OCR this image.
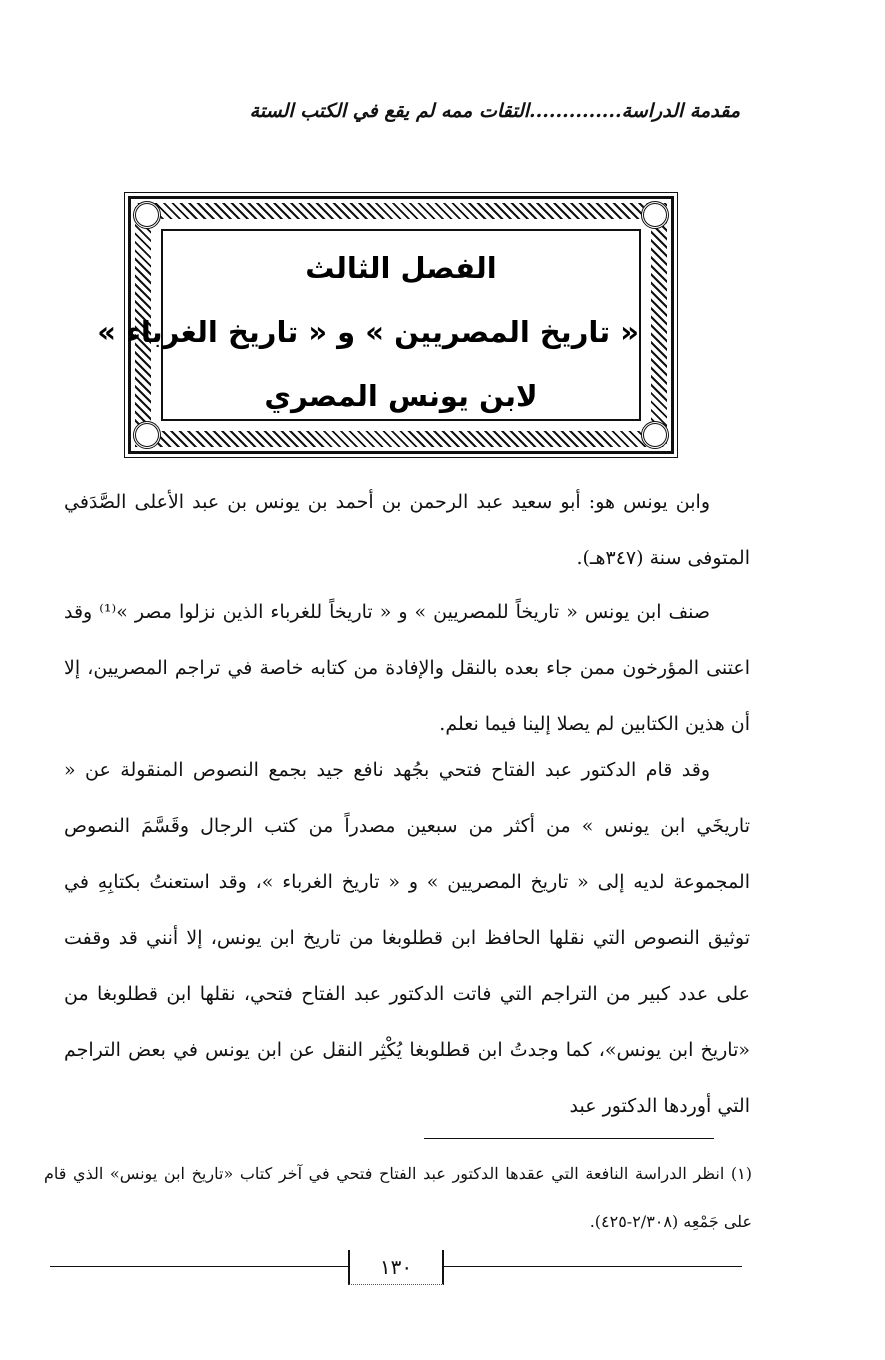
مقدمة الدراسة..............التقات ممه لم يقع في الكتب الستة
الفصل الثالث
« تاريخ المصريين » و « تاريخ الغرباء »
لابن يونس المصري

وابن يونس هو: أبو سعيد عبد الرحمن بن أحمد بن يونس بن عبد الأعلى الصَّدَفي المتوفى سنة (٣٤٧هـ).

صنف ابن يونس « تاريخاً للمصريين » و « تاريخاً للغرباء الذين نزلوا مصر »⁽¹⁾ وقد اعتنى المؤرخون ممن جاء بعده بالنقل والإفادة من كتابه خاصة في تراجم المصريين، إلا أن هذين الكتابين لم يصلا إلينا فيما نعلم.

وقد قام الدكتور عبد الفتاح فتحي بجُهد نافع جيد بجمع النصوص المنقولة عن « تاريخَي ابن يونس » من أكثر من سبعين مصدراً من كتب الرجال وقَسَّمَ النصوص المجموعة لديه إلى « تاريخ المصريين » و « تاريخ الغرباء »، وقد استعنتُ بكتابِهِ في توثيق النصوص التي نقلها الحافظ ابن قطلوبغا من تاريخ ابن يونس، إلا أنني قد وقفت على عدد كبير من التراجم التي فاتت الدكتور عبد الفتاح فتحي، نقلها ابن قطلوبغا من «تاريخ ابن يونس»، كما وجدتُ ابن قطلوبغا يُكْثِر النقل عن ابن يونس في بعض التراجم التي أوردها الدكتور عبد

(١) انظر الدراسة النافعة التي عقدها الدكتور عبد الفتاح فتحي في آخر كتاب «تاريخ ابن يونس» الذي قام على جَمْعِه (٢/٣٠٨-٤٢٥).

١٣٠
